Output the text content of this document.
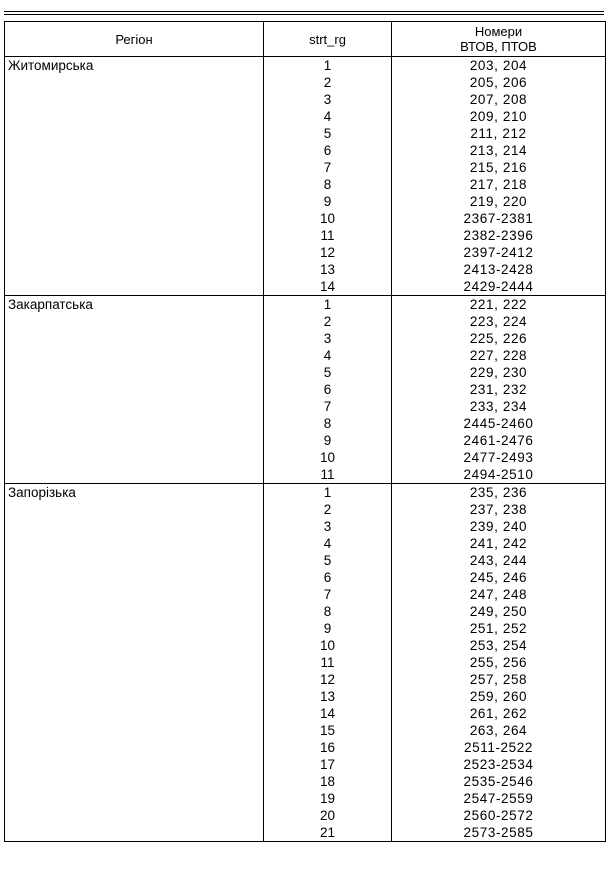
Регіон	strt_rg	Номери
ВТОВ, ПТОВ
Житомирська	1	203, 204
	2	205, 206
	3	207, 208
	4	209, 210
	5	211, 212
	6	213, 214
	7	215, 216
	8	217, 218
	9	219, 220
	10	2367-2381
	11	2382-2396
	12	2397-2412
	13	2413-2428
	14	2429-2444
Закарпатська	1	221, 222
	2	223, 224
	3	225, 226
	4	227, 228
	5	229, 230
	6	231, 232
	7	233, 234
	8	2445-2460
	9	2461-2476
	10	2477-2493
	11	2494-2510
Запорізька	1	235, 236
	2	237, 238
	3	239, 240
	4	241, 242
	5	243, 244
	6	245, 246
	7	247, 248
	8	249, 250
	9	251, 252
	10	253, 254
	11	255, 256
	12	257, 258
	13	259, 260
	14	261, 262
	15	263, 264
	16	2511-2522
	17	2523-2534
	18	2535-2546
	19	2547-2559
	20	2560-2572
	21	2573-2585
